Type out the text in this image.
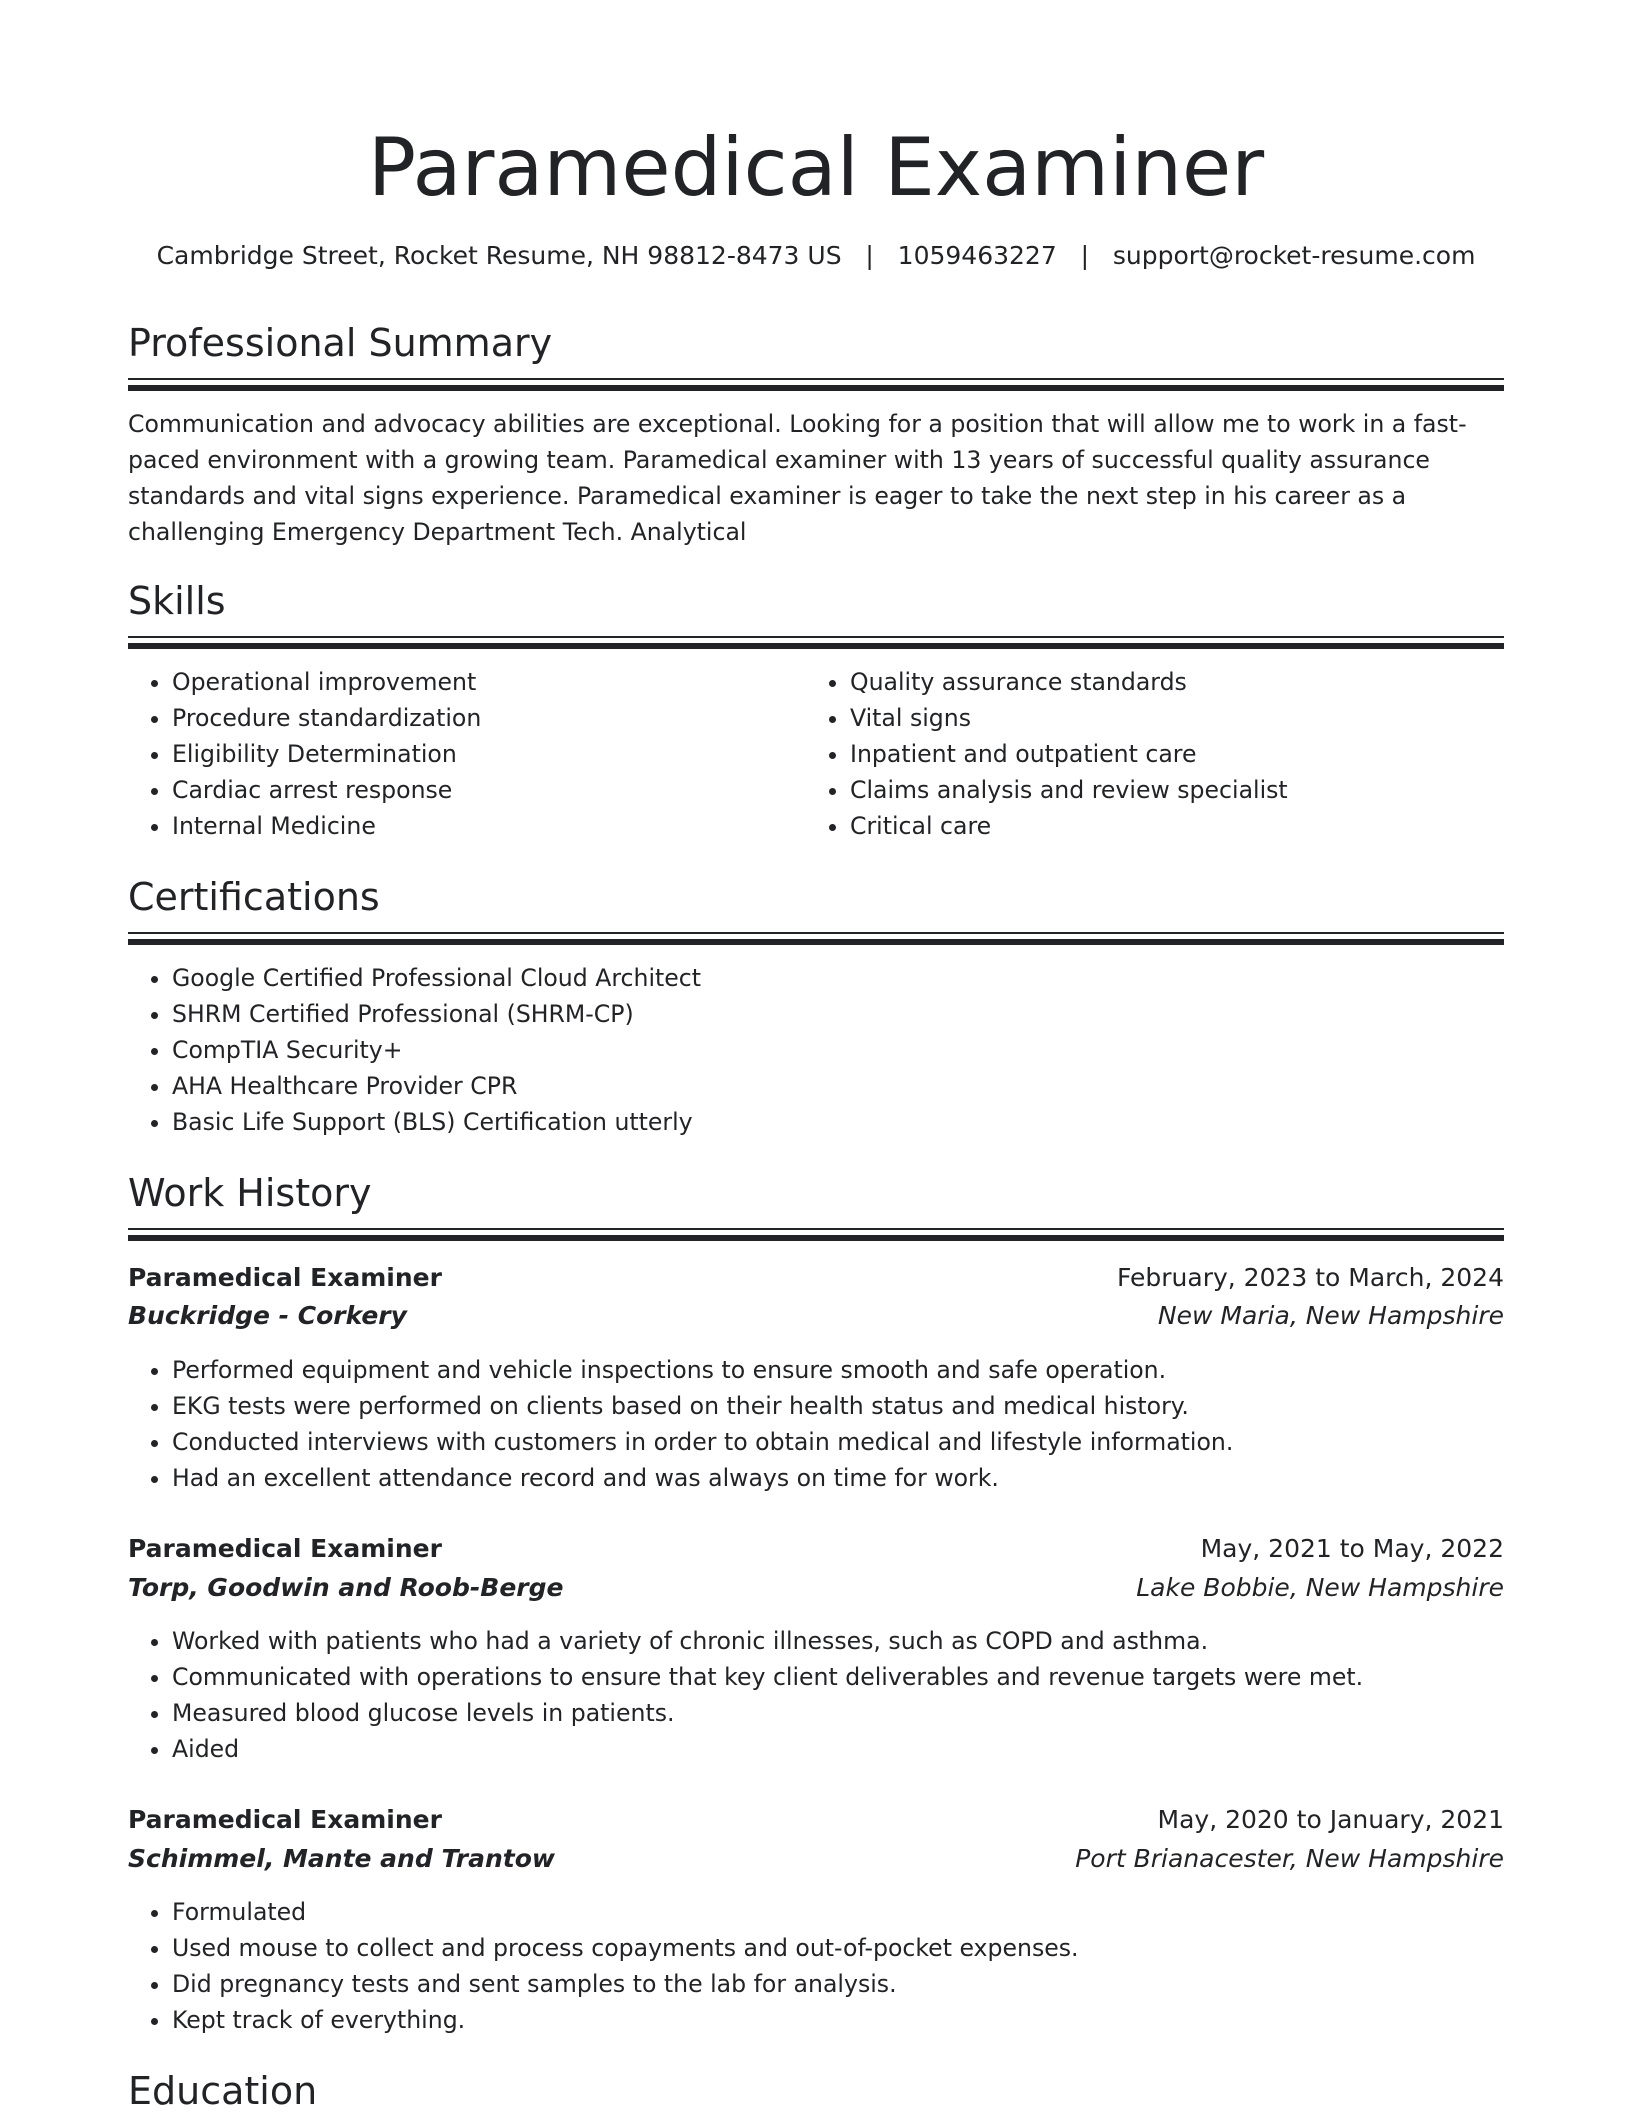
Paramedical Examiner
Cambridge Street, Rocket Resume, NH 98812-8473 US   |   1059463227   |   support@rocket-resume.com
Professional Summary

Communication and advocacy abilities are exceptional. Looking for a position that will allow me to work in a fast-paced environment with a growing team. Paramedical examiner with 13 years of successful quality assurance standards and vital signs experience. Paramedical examiner is eager to take the next step in his career as a challenging Emergency Department Tech. Analytical

Skills
• Operational improvement
• Procedure standardization
• Eligibility Determination
• Cardiac arrest response
• Internal Medicine
• Quality assurance standards
• Vital signs
• Inpatient and outpatient care
• Claims analysis and review specialist
• Critical care
Certifications
• Google Certified Professional Cloud Architect
• SHRM Certified Professional (SHRM-CP)
• CompTIA Security+
• AHA Healthcare Provider CPR
• Basic Life Support (BLS) Certification utterly
Work History
Paramedical Examiner	February, 2023 to March, 2024
Buckridge - Corkery	New Maria, New Hampshire
• Performed equipment and vehicle inspections to ensure smooth and safe operation.
• EKG tests were performed on clients based on their health status and medical history.
• Conducted interviews with customers in order to obtain medical and lifestyle information.
• Had an excellent attendance record and was always on time for work.
Paramedical Examiner	May, 2021 to May, 2022
Torp, Goodwin and Roob-Berge	Lake Bobbie, New Hampshire
• Worked with patients who had a variety of chronic illnesses, such as COPD and asthma.
• Communicated with operations to ensure that key client deliverables and revenue targets were met.
• Measured blood glucose levels in patients.
• Aided
Paramedical Examiner	May, 2020 to January, 2021
Schimmel, Mante and Trantow	Port Brianacester, New Hampshire
• Formulated
• Used mouse to collect and process copayments and out-of-pocket expenses.
• Did pregnancy tests and sent samples to the lab for analysis.
• Kept track of everything.
Education
